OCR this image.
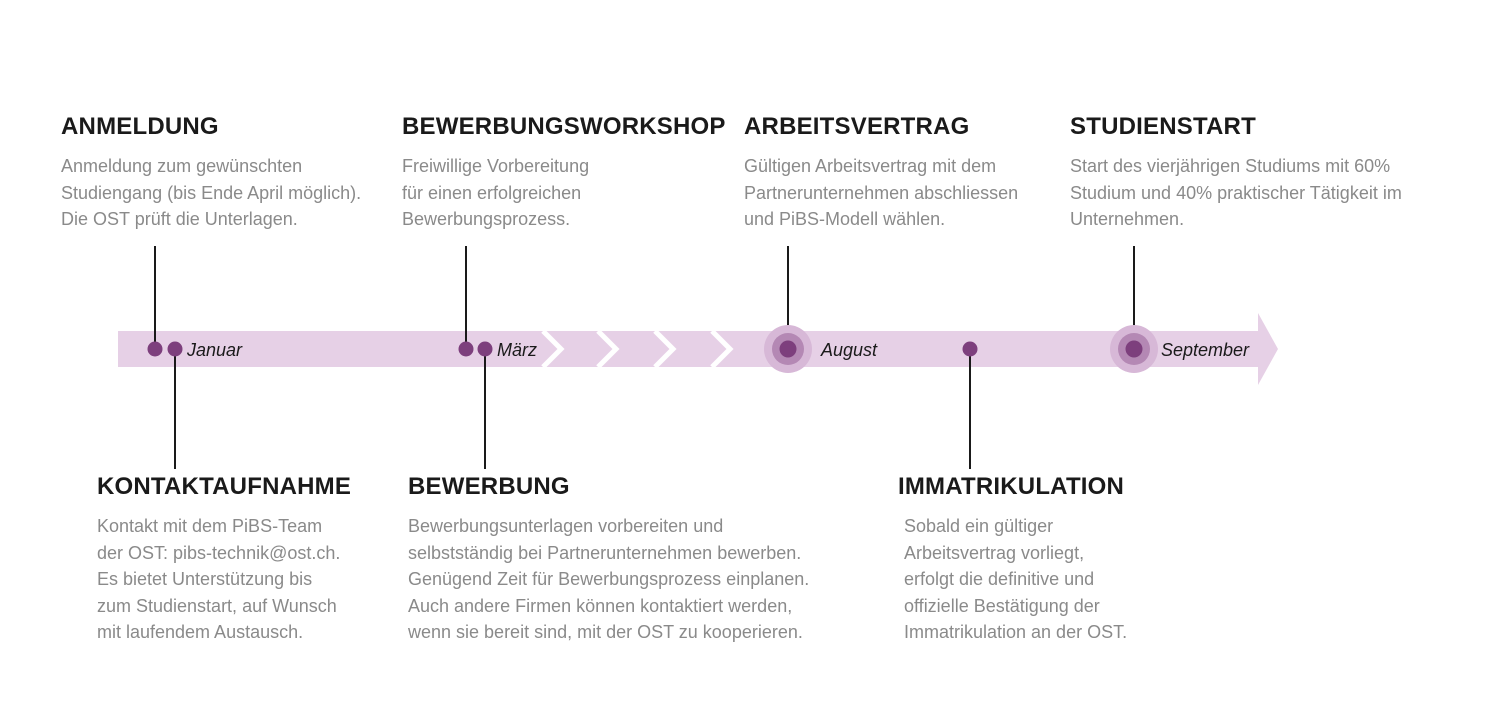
Januar	März	August	September
ANMELDUNG
Anmeldung zum gewünschten
Studiengang (bis Ende April möglich).
Die OST prüft die Unterlagen.
BEWERBUNGSWORKSHOP
Freiwillige Vorbereitung
für einen erfolgreichen
Bewerbungsprozess.
ARBEITSVERTRAG
Gültigen Arbeitsvertrag mit dem
Partnerunternehmen abschliessen
und PiBS-Modell wählen.
STUDIENSTART
Start des vierjährigen Studiums mit 60%
Studium und 40% praktischer Tätigkeit im
Unternehmen.
KONTAKTAUFNAHME
Kontakt mit dem PiBS-Team
der OST: pibs-technik@ost.ch.
Es bietet Unterstützung bis
zum Studienstart, auf Wunsch
mit laufendem Austausch.
BEWERBUNG
Bewerbungsunterlagen vorbereiten und
selbstständig bei Partnerunternehmen bewerben.
Genügend Zeit für Bewerbungsprozess einplanen.
Auch andere Firmen können kontaktiert werden,
wenn sie bereit sind, mit der OST zu kooperieren.
IMMATRIKULATION
Sobald ein gültiger
Arbeitsvertrag vorliegt,
erfolgt die definitive und
offizielle Bestätigung der
Immatrikulation an der OST.
